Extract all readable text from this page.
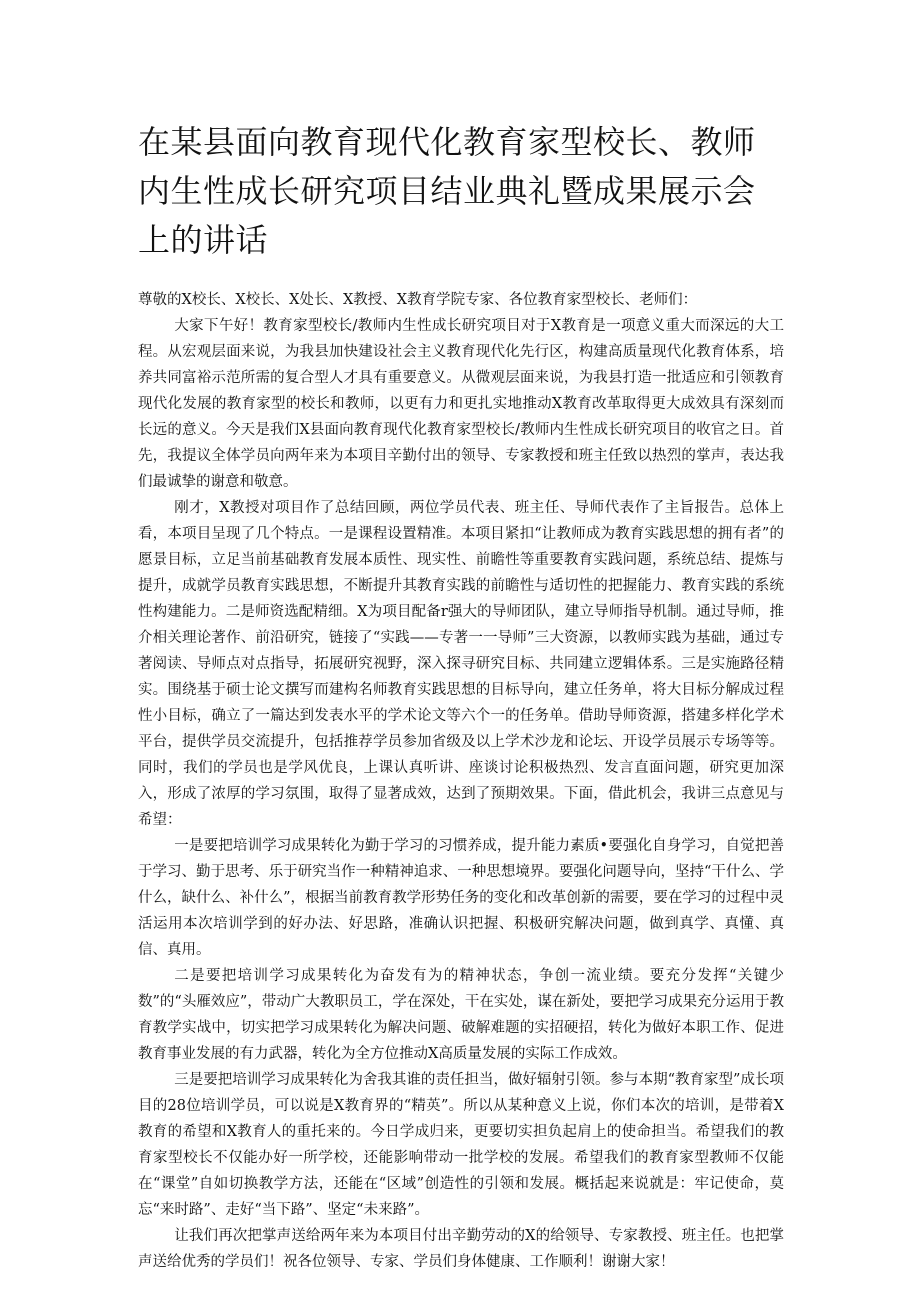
在某县面向教育现代化教育家型校长、教师内生性成长研究项目结业典礼暨成果展示会上的讲话

尊敬的X校长、X校长、X处长、X教授、X教育学院专家、各位教育家型校长、老师们：

大家下午好！教育家型校长/教师内生性成长研究项目对于X教育是一项意义重大而深远的大工程。从宏观层面来说，为我县加快建设社会主义教育现代化先行区，构建高质量现代化教育体系，培养共同富裕示范所需的复合型人才具有重要意义。从微观层面来说，为我县打造一批适应和引领教育现代化发展的教育家型的校长和教师，以更有力和更扎实地推动X教育改革取得更大成效具有深刻而长远的意义。今天是我们X县面向教育现代化教育家型校长/教师内生性成长研究项目的收官之日。首先，我提议全体学员向两年来为本项目辛勤付出的领导、专家教授和班主任致以热烈的掌声，表达我们最诚挚的谢意和敬意。

刚才，X教授对项目作了总结回顾，两位学员代表、班主任、导师代表作了主旨报告。总体上看，本项目呈现了几个特点。一是课程设置精准。本项目紧扣“让教师成为教育实践思想的拥有者”的愿景目标，立足当前基础教育发展本质性、现实性、前瞻性等重要教育实践问题，系统总结、提炼与提升，成就学员教育实践思想，不断提升其教育实践的前瞻性与适切性的把握能力、教育实践的系统性构建能力。二是师资选配精细。X为项目配备r强大的导师团队，建立导师指导机制。通过导师，推介相关理论著作、前沿研究，链接了“实践——专著一一导师”三大资源，以教师实践为基础，通过专著阅读、导师点对点指导，拓展研究视野，深入探寻研究目标、共同建立逻辑体系。三是实施路径精实。围绕基于硕士论文撰写而建构名师教育实践思想的目标导向，建立任务单，将大目标分解成过程性小目标，确立了一篇达到发表水平的学术论文等六个一的任务单。借助导师资源，搭建多样化学术平台，提供学员交流提升，包括推荐学员参加省级及以上学术沙龙和论坛、开设学员展示专场等等。同时，我们的学员也是学风优良，上课认真听讲、座谈讨论积极热烈、发言直面问题，研究更加深入，形成了浓厚的学习氛围，取得了显著成效，达到了预期效果。下面，借此机会，我讲三点意见与希望：

一是要把培训学习成果转化为勤于学习的习惯养成，提升能力素质•要强化自身学习，自觉把善于学习、勤于思考、乐于研究当作一种精神追求、一种思想境界。要强化问题导向，坚持“干什么、学什么，缺什么、补什么”，根据当前教育教学形势任务的变化和改革创新的需要，要在学习的过程中灵活运用本次培训学到的好办法、好思路，准确认识把握、积极研究解决问题，做到真学、真懂、真信、真用。

二是要把培训学习成果转化为奋发有为的精神状态，争创一流业绩。要充分发挥“关键少数”的“头雁效应”，带动广大教职员工，学在深处，干在实处，谋在新处，要把学习成果充分运用于教育教学实战中，切实把学习成果转化为解决问题、破解难题的实招硬招，转化为做好本职工作、促进教育事业发展的有力武器，转化为全方位推动X高质量发展的实际工作成效。

三是要把培训学习成果转化为舍我其谁的责任担当，做好辐射引领。参与本期“教育家型”成长项目的28位培训学员，可以说是X教育界的“精英”。所以从某种意义上说，你们本次的培训，是带着X教育的希望和X教育人的重托来的。今日学成归来，更要切实担负起肩上的使命担当。希望我们的教育家型校长不仅能办好一所学校，还能影响带动一批学校的发展。希望我们的教育家型教师不仅能在“课堂”自如切换教学方法，还能在“区域”创造性的引领和发展。概括起来说就是：牢记使命，莫忘“来时路”、走好“当下路”、坚定“未来路”。

让我们再次把掌声送给两年来为本项目付出辛勤劳动的X的给领导、专家教授、班主任。也把掌声送给优秀的学员们！祝各位领导、专家、学员们身体健康、工作顺利！谢谢大家！
